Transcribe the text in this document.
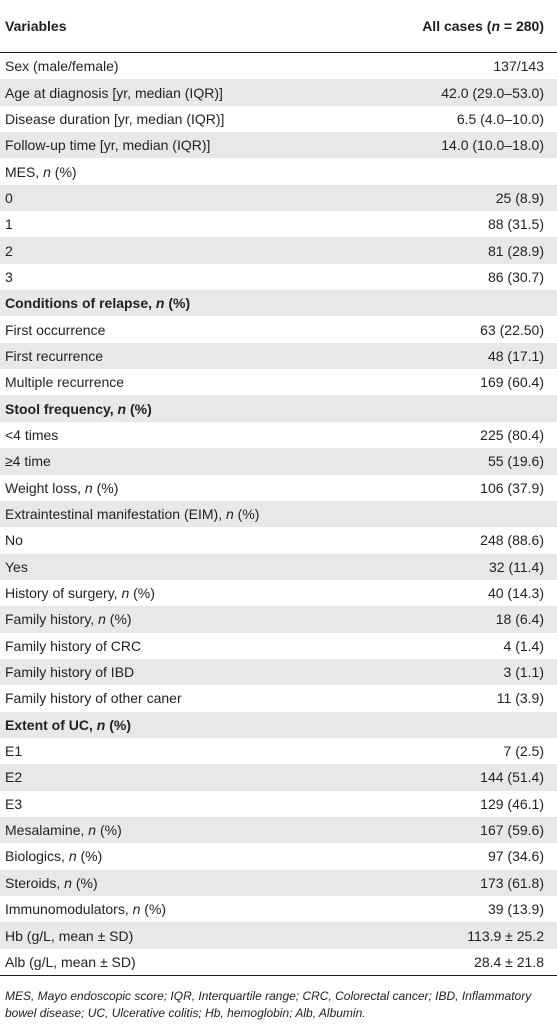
Variables	All cases (n = 280)
Sex (male/female)	137/143
Age at diagnosis [yr, median (IQR)]	42.0 (29.0–53.0)
Disease duration [yr, median (IQR)]	6.5 (4.0–10.0)
Follow-up time [yr, median (IQR)]	14.0 (10.0–18.0)
MES, n (%)
0	25 (8.9)
1	88 (31.5)
2	81 (28.9)
3	86 (30.7)
Conditions of relapse, n (%)
First occurrence	63 (22.50)
First recurrence	48 (17.1)
Multiple recurrence	169 (60.4)
Stool frequency, n (%)
<4 times	225 (80.4)
≥4 time	55 (19.6)
Weight loss, n (%)	106 (37.9)
Extraintestinal manifestation (EIM), n (%)
No	248 (88.6)
Yes	32 (11.4)
History of surgery, n (%)	40 (14.3)
Family history, n (%)	18 (6.4)
Family history of CRC	4 (1.4)
Family history of IBD	3 (1.1)
Family history of other caner	11 (3.9)
Extent of UC, n (%)
E1	7 (2.5)
E2	144 (51.4)
E3	129 (46.1)
Mesalamine, n (%)	167 (59.6)
Biologics, n (%)	97 (34.6)
Steroids, n (%)	173 (61.8)
Immunomodulators, n (%)	39 (13.9)
Hb (g/L, mean ± SD)	113.9 ± 25.2
Alb (g/L, mean ± SD)	28.4 ± 21.8
MES, Mayo endoscopic score; IQR, Interquartile range; CRC, Colorectal cancer; IBD, Inflammatory bowel disease; UC, Ulcerative colitis; Hb, hemoglobin; Alb, Albumin.
